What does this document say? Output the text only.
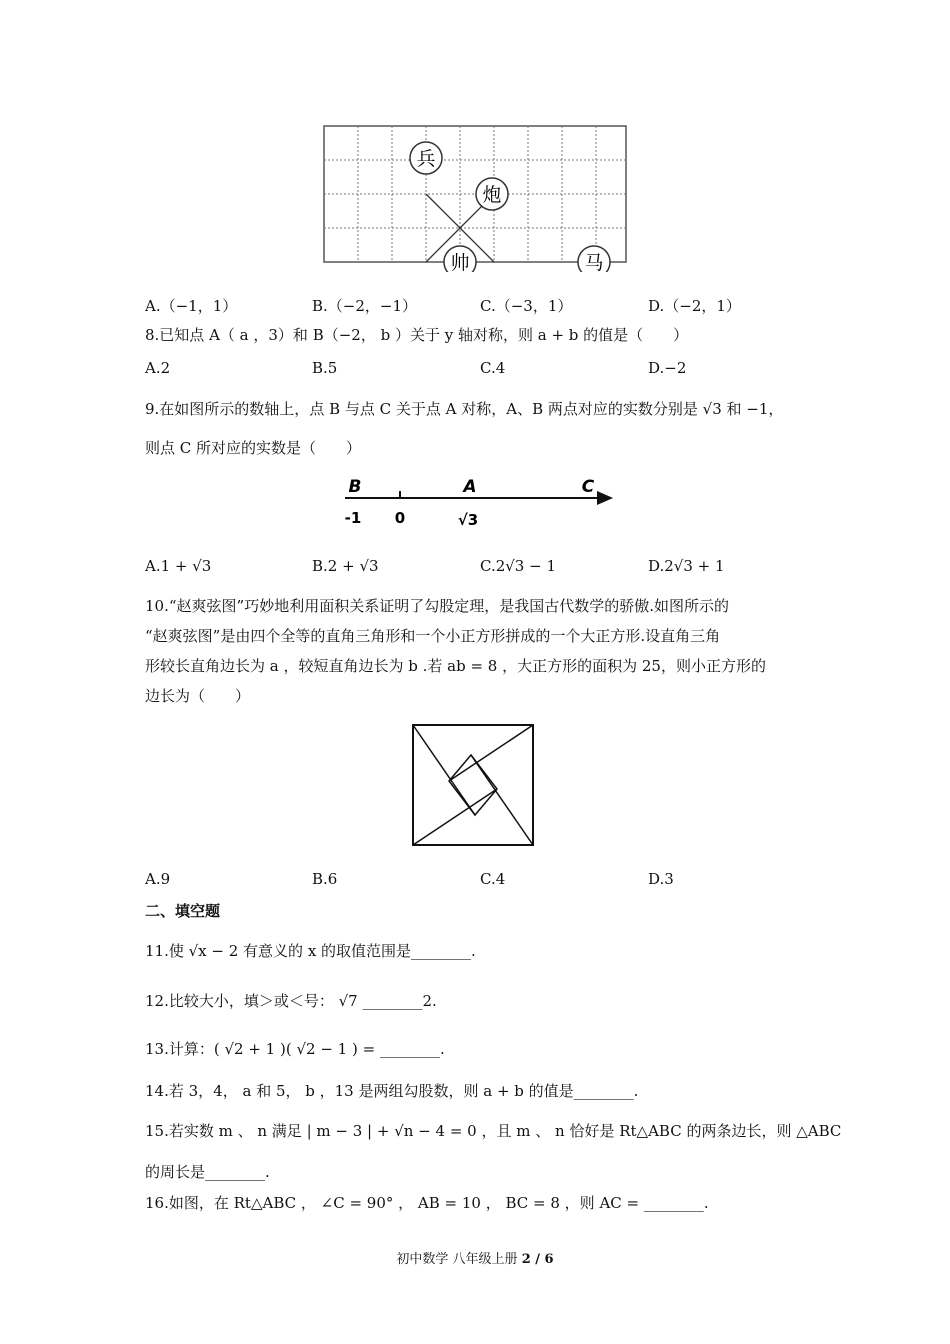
兵
炮
帅	马
A.（−1，1）	B.（−2，−1）	C.（−3，1）	D.（−2，1）
8.已知点 A（ a ，3）和 B（−2， b ）关于 y 轴对称，则 a + b 的值是（　　）
A.2	B.5	C.4	D.−2
9.在如图所示的数轴上，点 B 与点 C 关于点 A 对称，A、B 两点对应的实数分别是 √3 和 −1，
则点 C 所对应的实数是（　　）
B	A	C
-1 0	√3
A.1 + √3	B.2 + √3	C.2√3 − 1	D.2√3 + 1
10.“赵爽弦图”巧妙地利用面积关系证明了勾股定理，是我国古代数学的骄傲.如图所示的
“赵爽弦图”是由四个全等的直角三角形和一个小正方形拼成的一个大正方形.设直角三角
形较长直角边长为 a ，较短直角边长为 b .若 ab = 8 ，大正方形的面积为 25，则小正方形的
边长为（　　）
A.9	B.6	C.4	D.3
二、填空题
11.使 √x − 2 有意义的 x 的取值范围是________.
12.比较大小，填＞或＜号： √7 ________2.
13.计算：( √2 + 1 )( √2 − 1 ) = ________.
14.若 3，4， a 和 5， b ，13 是两组勾股数，则 a + b 的值是________.
15.若实数 m 、 n 满足 | m − 3 | + √n − 4 = 0 ，且 m 、 n 恰好是 Rt△ABC 的两条边长，则 △ABC
的周长是________.
16.如图，在 Rt△ABC ， ∠C = 90° ， AB = 10 ， BC = 8 ，则 AC = ________.
初中数学 八年级上册 2 / 6
